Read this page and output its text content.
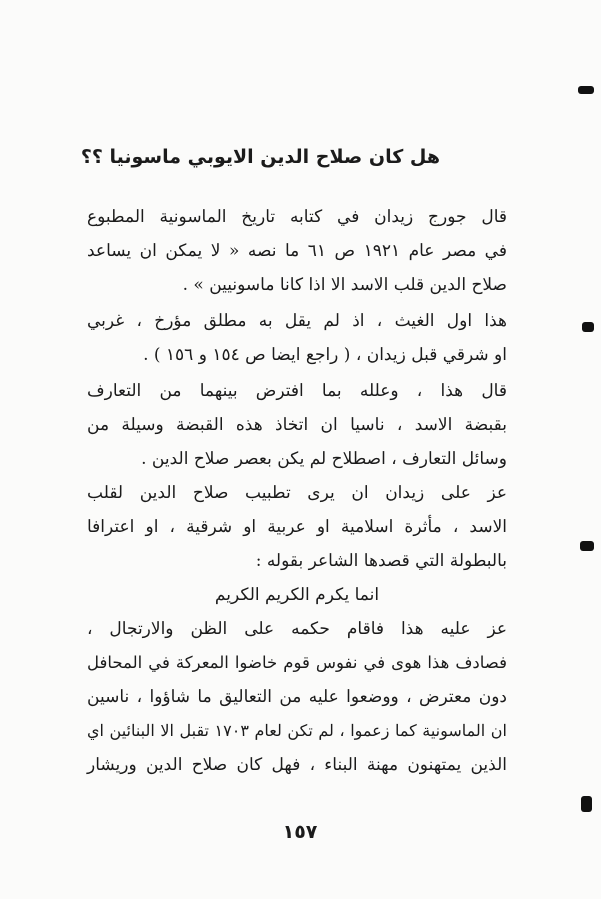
هل كان صلاح الدين الايوبي ماسونيا ؟؟
قال جورج زيدان في كتابه تاريخ الماسونية المطبوع
في مصر عام ١٩٢١ ص ٦١ ما نصه « لا يمكن ان يساعد
صلاح الدين قلب الاسد الا اذا كانا ماسونيين » .
هذا اول الغيث ، اذ لم يقل به مطلق مؤرخ ، غربي
او شرقي قبل زيدان ، ( راجع ايضا ص ١٥٤ و ١٥٦ ) .
قال هذا ، وعلله بما افترض بينهما من التعارف
بقبضة الاسد ، ناسيا ان اتخاذ هذه القبضة وسيلة من
وسائل التعارف ، اصطلاح لم يكن بعصر صلاح الدين .
عز على زيدان ان يرى تطبيب صلاح الدين لقلب
الاسد ، مأثرة اسلامية او عربية او شرقية ، او اعترافا
بالبطولة التي قصدها الشاعر بقوله :
انما يكرم الكريم الكريم
عز عليه هذا فاقام حكمه على الظن والارتجال ،
فصادف هذا هوى في نفوس قوم خاضوا المعركة في المحافل
دون معترض ، ووضعوا عليه من التعاليق ما شاؤوا ، ناسين
ان الماسونية كما زعموا ، لم تكن لعام ١٧٠٣ تقبل الا البنائين اي
الذين يمتهنون مهنة البناء ، فهل كان صلاح الدين وريشار
١٥٧
